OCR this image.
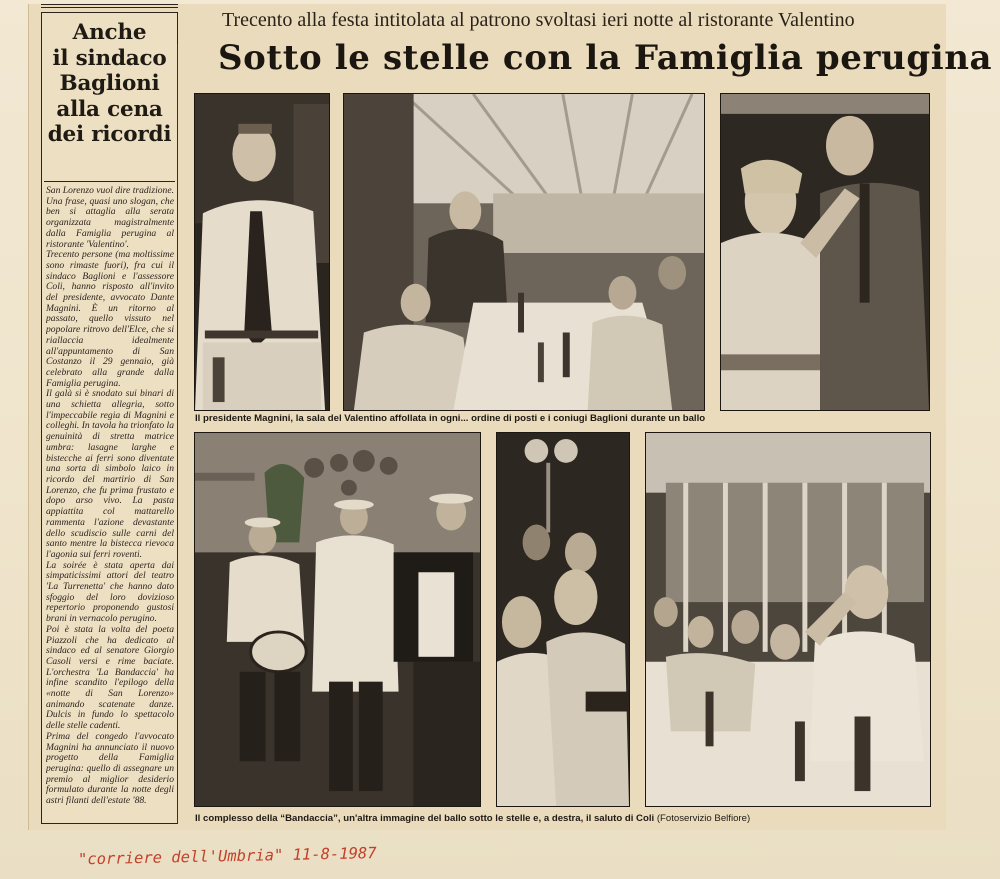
Anche
il sindaco
Baglioni
alla cena
dei ricordi

San Lorenzo vuol dire tradizione. Una frase, quasi uno slogan, che ben si attaglia alla serata organizzata magistralmente dalla Famiglia perugina al ristorante 'Valentino'.

Trecento persone (ma moltissime sono rimaste fuori), fra cui il sindaco Baglioni e l'assessore Coli, hanno risposto all'invito del presidente, avvocato Dante Magnini. È un ritorno al passato, quello vissuto nel popolare ritrovo dell'Elce, che si riallaccia idealmente all'appuntamento di San Costanzo il 29 gennaio, già celebrato alla grande dalla Famiglia perugina.

Il galà si è snodato sui binari di una schietta allegria, sotto l'impeccabile regia di Magnini e colleghi. In tavola ha trionfato la genuinità di stretta matrice umbra: lasagne larghe e bistecche ai ferri sono diventate una sorta di simbolo laico in ricordo del martirio di San Lorenzo, che fu prima frustato e dopo arso vivo. La pasta appiattita col mattarello rammenta l'azione devastante dello scudiscio sulle carni del santo mentre la bistecca rievoca l'agonia sui ferri roventi.

La soirée è stata aperta dai simpaticissimi attori del teatro 'La Turrenetta' che hanno dato sfoggio del loro dovizioso repertorio proponendo gustosi brani in vernacolo perugino.

Poi è stata la volta del poeta Piazzoli che ha dedicato al sindaco ed al senatore Giorgio Casoli versi e rime baciate. L'orchestra 'La Bandaccia' ha infine scandito l'epilogo della «notte di San Lorenzo» animando scatenate danze. Dulcis in fundo lo spettacolo delle stelle cadenti.

Prima del congedo l'avvocato Magnini ha annunciato il nuovo progetto della Famiglia perugina: quello di assegnare un premio al miglior desiderio formulato durante la notte degli astri filanti dell'estate '88.

Trecento alla festa intitolata al patrono svoltasi ieri notte al ristorante Valentino
Sotto le stelle con la Famiglia perugina
Il presidente Magnini, la sala del Valentino affollata in ogni... ordine di posti e i coniugi Baglioni durante un ballo
Il complesso della “Bandaccia”, un'altra immagine del ballo sotto le stelle e, a destra, il saluto di Coli (Fotoservizio Belfiore)
"corriere dell'Umbria" 11-8-1987
